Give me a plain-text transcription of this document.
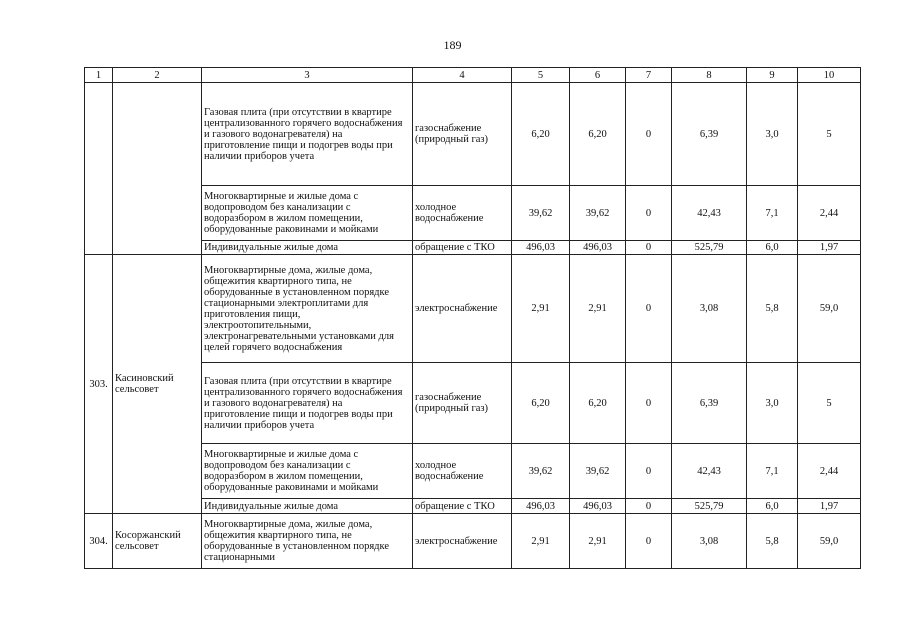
189
1	2	3	4	5	6	7	8	9	10
		Газовая плита (при отсутствии в квартире централизованного горячего водоснабжения и газового водонагревателя) на приготовление пищи и подогрев воды при наличии приборов учета	газоснабжение (природный газ)	6,20	6,20	0	6,39	3,0	5
		Многоквартирные и жилые дома с водопроводом без канализации с водоразбором в жилом помещении, оборудованные раковинами и мойками	холодное водоснабжение	39,62	39,62	0	42,43	7,1	2,44
		Индивидуальные жилые дома	обращение с ТКО	496,03	496,03	0	525,79	6,0	1,97
303.	Касиновский сельсовет	Многоквартирные дома, жилые дома, общежития квартирного типа, не оборудованные в установленном порядке стационарными электроплитами для приготовления пищи, электроотопительными, электронагревательными установками для целей горячего водоснабжения	электроснабжение	2,91	2,91	0	3,08	5,8	59,0
		Газовая плита (при отсутствии в квартире централизованного горячего водоснабжения и газового водонагревателя) на приготовление пищи и подогрев воды при наличии приборов учета	газоснабжение (природный газ)	6,20	6,20	0	6,39	3,0	5
		Многоквартирные и жилые дома с водопроводом без канализации с водоразбором в жилом помещении, оборудованные раковинами и мойками	холодное водоснабжение	39,62	39,62	0	42,43	7,1	2,44
		Индивидуальные жилые дома	обращение с ТКО	496,03	496,03	0	525,79	6,0	1,97
304.	Косоржанский сельсовет	Многоквартирные дома, жилые дома, общежития квартирного типа, не оборудованные в установленном порядке стационарными	электроснабжение	2,91	2,91	0	3,08	5,8	59,0
